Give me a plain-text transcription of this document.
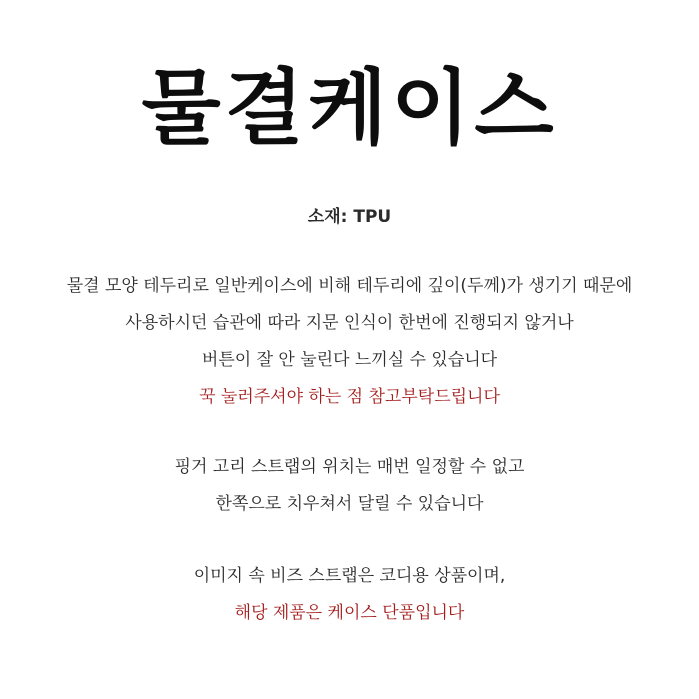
물결케이스
소재: TPU
물결 모양 테두리로 일반케이스에 비해 테두리에 깊이(두께)가 생기기 때문에
사용하시던 습관에 따라 지문 인식이 한번에 진행되지 않거나
버튼이 잘 안 눌린다 느끼실 수 있습니다
꾹 눌러주셔야 하는 점 참고부탁드립니다
핑거 고리 스트랩의 위치는 매번 일정할 수 없고
한쪽으로 치우쳐서 달릴 수 있습니다
이미지 속 비즈 스트랩은 코디용 상품이며,
해당 제품은 케이스 단품입니다
